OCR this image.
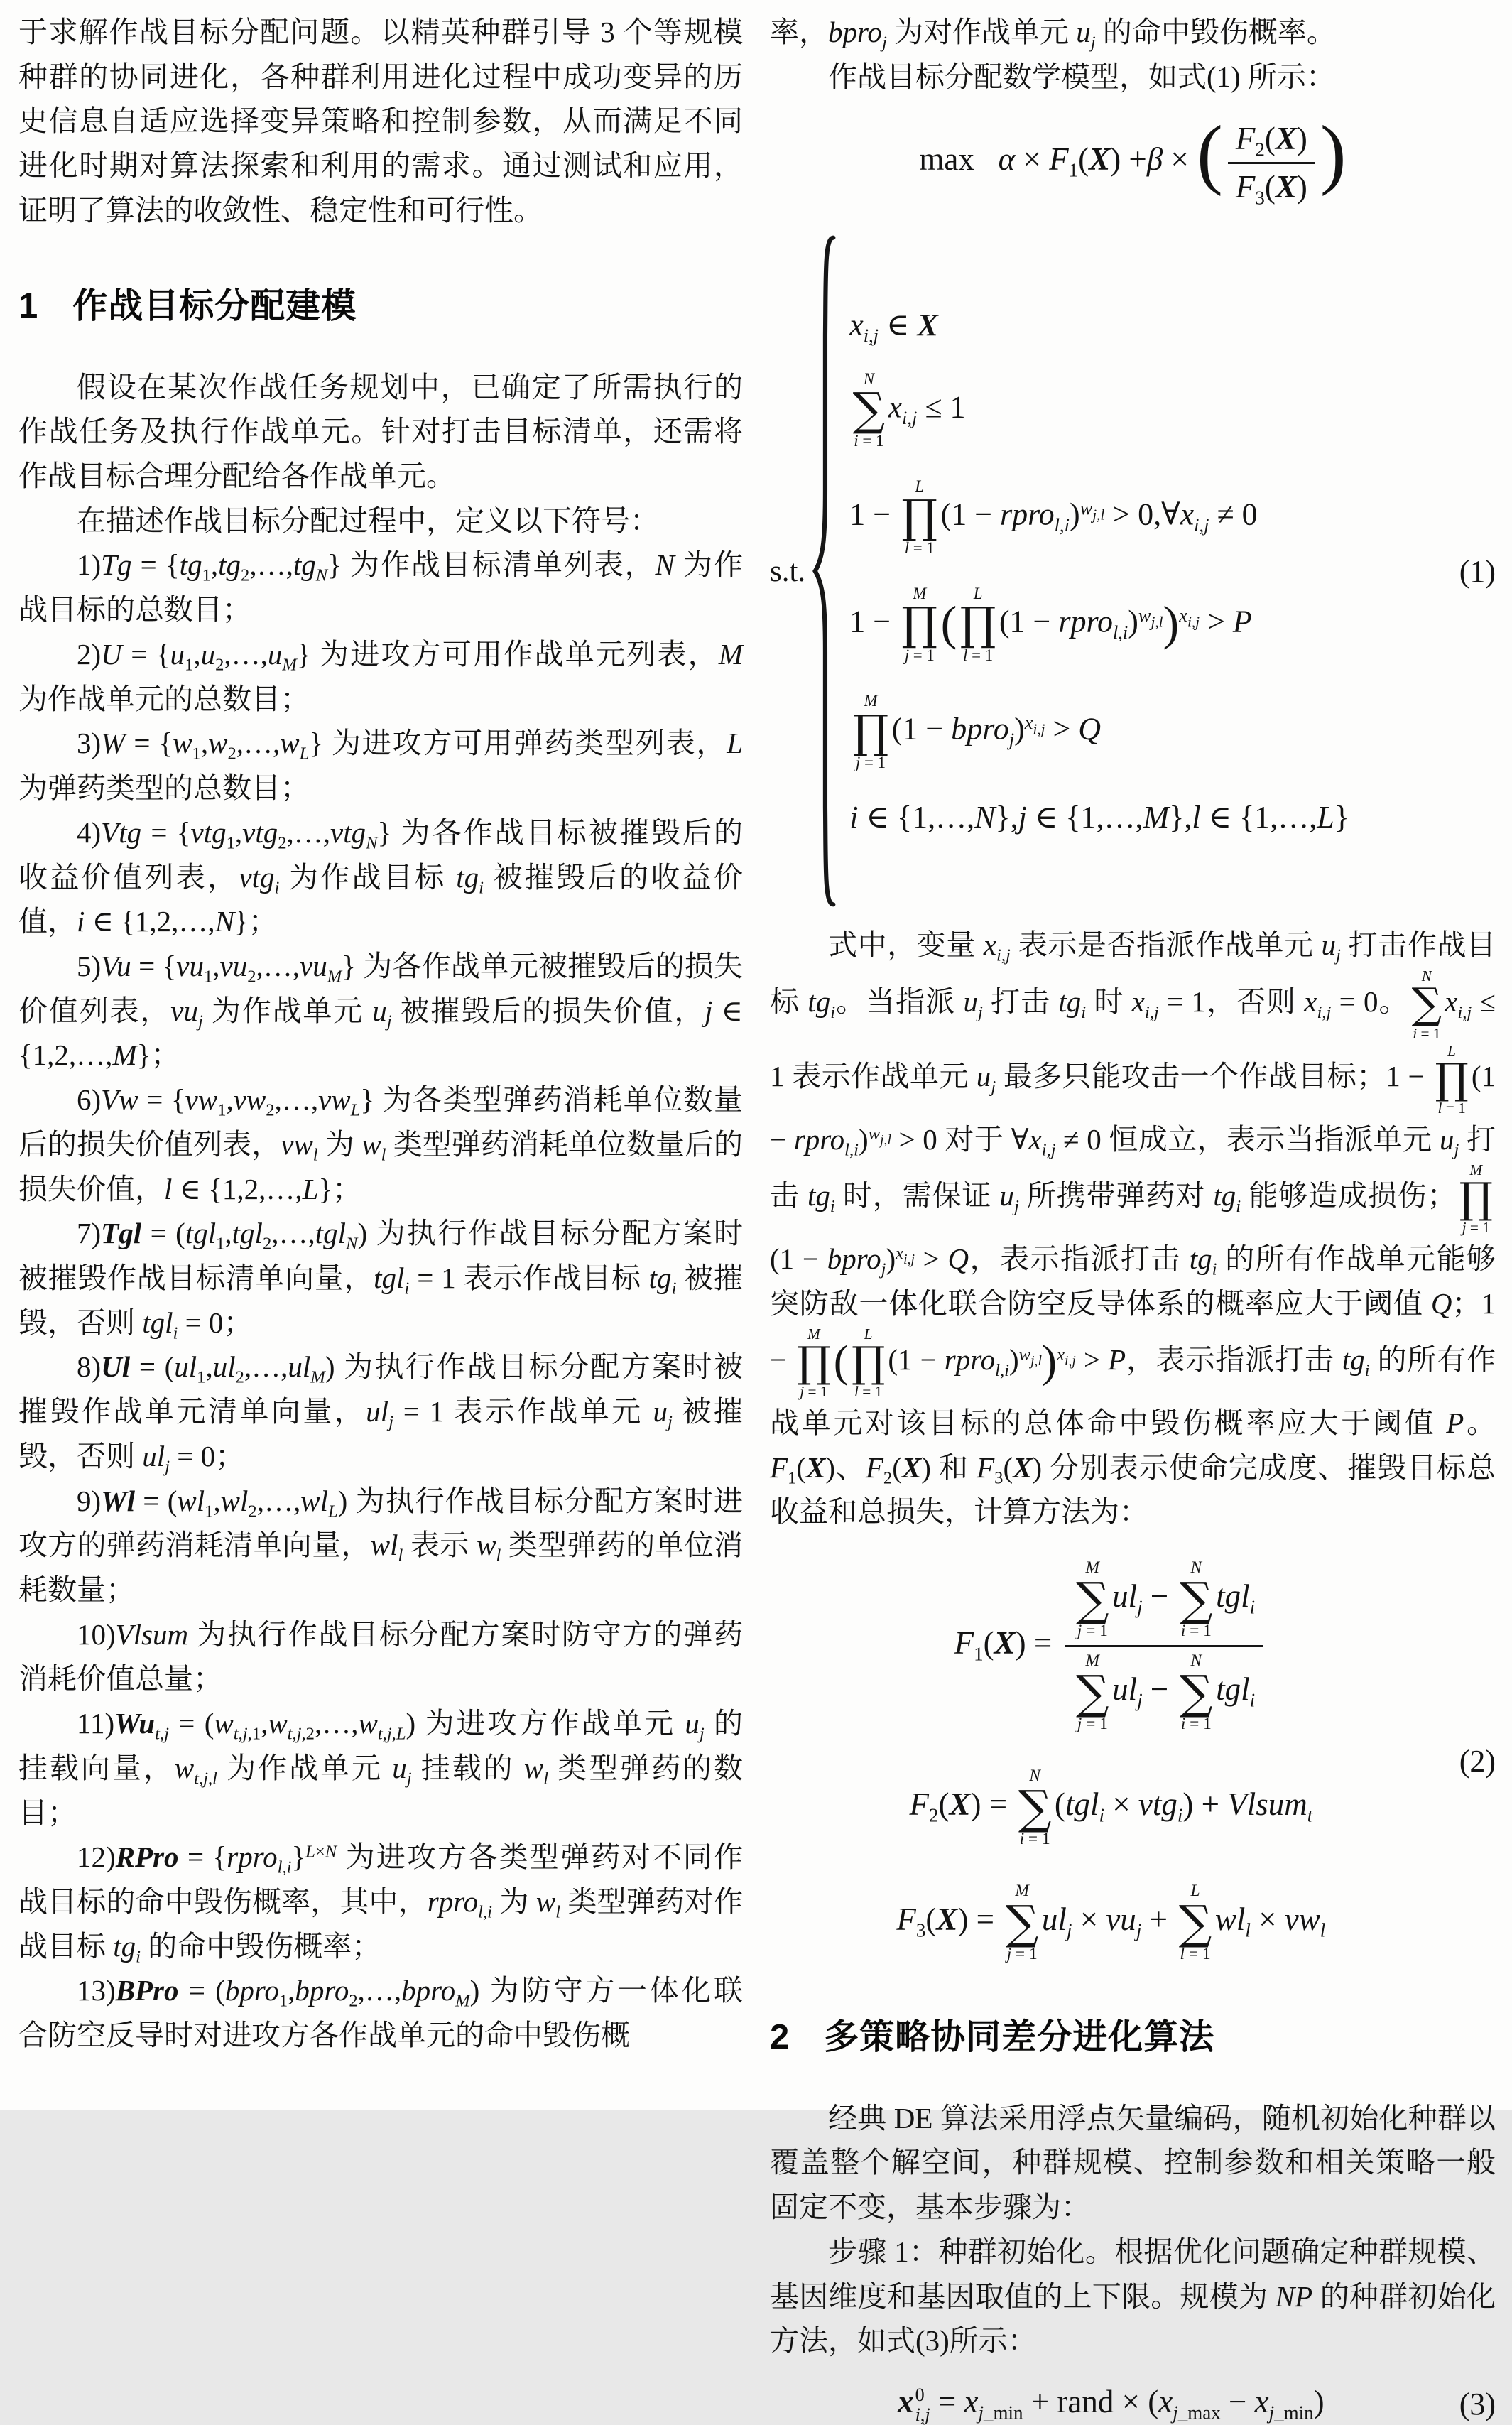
于求解作战目标分配问题。以精英种群引导 3 个等规模种群的协同进化，各种群利用进化过程中成功变异的历史信息自适应选择变异策略和控制参数，从而满足不同进化时期对算法探索和利用的需求。通过测试和应用，证明了算法的收敛性、稳定性和可行性。

1 作战目标分配建模

假设在某次作战任务规划中，已确定了所需执行的作战任务及执行作战单元。针对打击目标清单，还需将作战目标合理分配给各作战单元。

在描述作战目标分配过程中，定义以下符号：

$1)Tg = \{tg_1,tg_2,\dots,tg_N\}$ 为作战目标清单列表，N 为作战目标的总数目；

$2)U = \{u_1,u_2,\dots,u_M\}$ 为进攻方可用作战单元列表，M 为作战单元的总数目；

$3)W = \{w_1,w_2,\dots,w_L\}$ 为进攻方可用弹药类型列表，L 为弹药类型的总数目；

4)Vtg = {vtg$_1$,vtg$_2$,…,vtg$_N$} 为各作战目标被摧毁后的收益价值列表，vtg$_i$ 为作战目标 $tg_i$ 被摧毁后的收益价值，i ∈ {1,2,…,N}；

$5)Vu = \{vu_1,vu_2,\dots,vu_M\}$ 为各作战单元被摧毁后的损失价值列表，$vu_j$ 为作战单元 $u_j$ 被摧毁后的损失价值，j ∈ {1,2,…,M}；

$6)Vw = \{vw_1,vw_2,\dots,vw_L\}$ 为各类型弹药消耗单位数量后的损失价值列表，$vw_l$ 为 $w_l$ 类型弹药消耗单位数量后的损失价值，l ∈ {1,2,…,L}；

7)Tgl = (tgl$_1$,tgl$_2$,…,tgl$_N$) 为执行作战目标分配方案时被摧毁作战目标清单向量，tgl$_i$ = 1 表示作战目标 $tg_i$ 被摧毁，否则 tgl$_i$ = 0；

$8)Ul = (ul_1,ul_2,\dots,ul_M)$ 为执行作战目标分配方案时被摧毁作战单元清单向量，$ul_j = 1$ 表示作战单元 $u_j$ 被摧毁，否则 $ul_j = 0$；

$9)Wl = (wl_1,wl_2,\dots,wl_L)$ 为执行作战目标分配方案时进攻方的弹药消耗清单向量，$wl_l$ 表示 $w_l$ 类型弹药的单位消耗数量；

10)Vlsum 为执行作战目标分配方案时防守方的弹药消耗价值总量；

$11)Wu_{t,j}$ = $(w_{t,j,1},w_{t,j,2},\dots,w_{t,j,L})$ 为进攻方作战单元 $u_j$ 的挂载向量，$w_{t,j,l}$ 为作战单元 $u_j$ 挂载的 $w_l$ 类型弹药的数目；

12)RPro = {rpro$_{l,i}$}$^{L\times N}$ 为进攻方各类型弹药对不同作战目标的命中毁伤概率，其中，rpro$_{l,i}$ 为 $w_l$ 类型弹药对作战目标 $tg_i$ 的命中毁伤概率；

13)BPro = (bpro$_1$,bpro$_2$,…,bpro$_M$) 为防守方一体化联合防空反导时对进攻方各作战单元的命中毁伤概

率，bpro$_j$ 为对作战单元 $u_j$ 的命中毁伤概率。

作战目标分配数学模型，如式(1) 所示：

$\max \alpha \times F_1(X) +\beta$ × ( $\frac{F_2(X)}{F_3(X)}$ )
s.t.
$x_{i,j}$ ∈ X
N
∑
i = 1
$x_{i,j} \le 1$
1 −
L
∏
l = 1
(1 − rpro$_{l,i}$)$^{w_{j,l}}$ > $0,\forall x_{i,j} \ne 0$
1 −
M
∏
j = 1
(
L
∏
l = 1
(1 − rpro$_{l,i}$)$^{w_{j,l}}$)$^{x_{i,j}}$ > P
M
∏
j = 1
(1 − bpro$_j$)$^{x_{i,j}}$ > Q
i ∈ {1,…,N},j ∈ {1,…,M},l ∈ {1,…,L}
(1)

式中，变量 $x_{i,j}$ 表示是否指派作战单元 $u_j$ 打击作战目标 $tg_i$。当指派 $u_j$ 打击 $tg_i$ 时 $x_{i,j} = 1$，否则 $x_{i,j} = 0$。
N
∑
i = 1
$x_{i,j} \le 1$ 表示作战单元 $u_j$ 最多只能攻击一个作战目标；1 −
L
∏
l = 1
(1 − rpro$_{l,i}$)$^{w_{j,l}}$ > 0 对于 $\forall x_{i,j} \ne 0$ 恒成立，表示当指派单元 $u_j$ 打击 $tg_i$ 时，需保证 $u_j$ 所携带弹药对 $tg_i$ 能够造成损伤；
M
∏
j = 1
(1 − bpro$_j$)$^{x_{i,j}}$ > Q，表示指派打击 $tg_i$ 的所有作战单元能够突防敌一体化联合防空反导体系的概率应大于阈值 Q；1 −
M
∏
j = 1
(
L
∏
l = 1
(1 − rpro$_{l,i}$)$^{w_{j,l}}$)$^{x_{i,j}}$ > P，表示指派打击 $tg_i$ 的所有作战单元对该目标的总体命中毁伤概率应大于阈值 P。$F_1(X)$、$F_2(X)$ 和 $F_3(X)$ 分别表示使命完成度、摧毁目标总收益和总损失，计算方法为：

$F_1(X) = M$
∑
j = 1
$ul_j$ −
N
∑
i = 1
tgl$_i$
M
∑
j = 1
$ul_j$ −
N
∑
i = 1
tgl$_i$
$F_2(X)$ =
N
∑
i = 1
(tgl$_i$ × vtg$_i$) + Vlsum$_t$
$F_3(X)$ =
M
∑
j = 1
$ul_j \times vu_j$ +
L
∑
l = 1
$wl_l \times vw_l$
(2)
2 多策略协同差分进化算法

经典 DE 算法采用浮点矢量编码，随机初始化种群以覆盖整个解空间，种群规模、控制参数和相关策略一般固定不变，基本步骤为：

步骤 1：种群初始化。根据优化问题确定种群规模、基因维度和基因取值的上下限。规模为 NP 的种群初始化方法，如式(3)所示：

x 0
$i,j = x_{j\_min}$ + rand × $(x_{j\_max} - x_{j\_min})$	(3)
